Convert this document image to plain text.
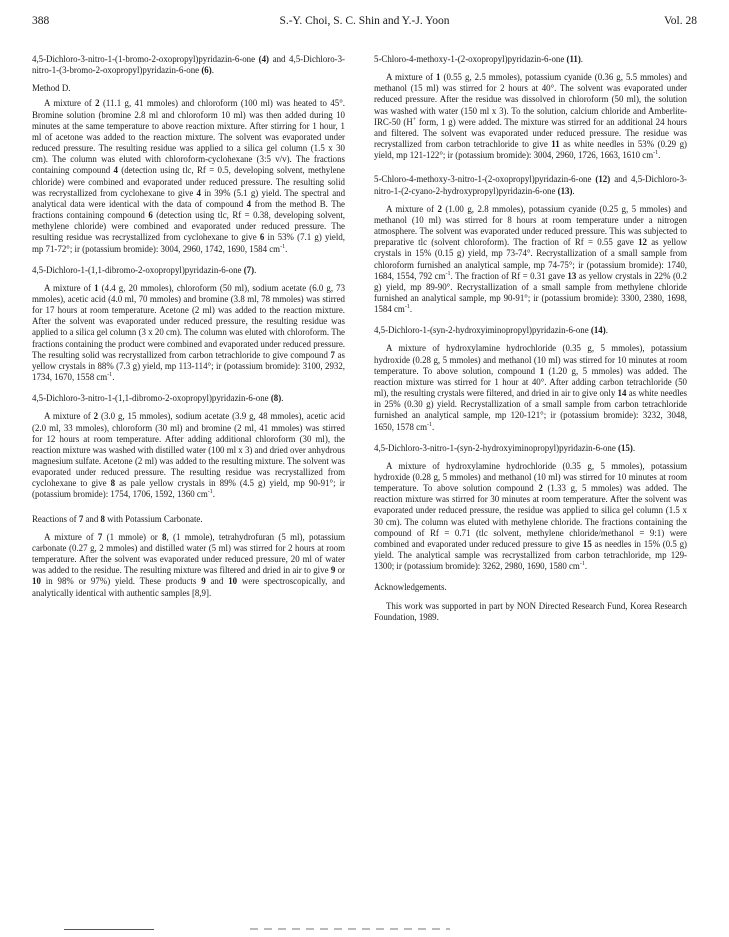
388	S.-Y. Choi, S. C. Shin and Y.-J. Yoon	Vol. 28

4,5-Dichloro-3-nitro-1-(1-bromo-2-oxopropyl)pyridazin-6-one (4) and 4,5-Dichloro-3-nitro-1-(3-bromo-2-oxopropyl)pyridazin-6-one (6).

Method D.

A mixture of 2 (11.1 g, 41 mmoles) and chloroform (100 ml) was heated to 45°. Bromine solution (bromine 2.8 ml and chloroform 10 ml) was then added during 10 minutes at the same temperature to above reaction mixture. After stirring for 1 hour, 1 ml of acetone was added to the reaction mixture. The solvent was evaporated under reduced pressure. The resulting residue was applied to a silica gel column (1.5 x 30 cm). The column was eluted with chloroform-cyclohexane (3:5 v/v). The fractions containing compound 4 (detection using tlc, Rf = 0.5, developing solvent, methylene chloride) were combined and evaporated under reduced pressure. The resulting solid was recrystallized from cyclohexane to give 4 in 39% (5.1 g) yield. The spectral and analytical data were identical with the data of compound 4 from the method B. The fractions containing compound 6 (detection using tlc, Rf = 0.38, developing solvent, methylene chloride) were combined and evaporated under reduced pressure. The resulting residue was recrystallized from cyclohexane to give 6 in 53% (7.1 g) yield, mp 71-72°; ir (potassium bromide): 3004, 2960, 1742, 1690, 1584 $cm^{-1}$.

4,5-Dichloro-1-(1,1-dibromo-2-oxopropyl)pyridazin-6-one (7).

A mixture of 1 (4.4 g, 20 mmoles), chloroform (50 ml), sodium acetate (6.0 g, 73 mmoles), acetic acid (4.0 ml, 70 mmoles) and bromine (3.8 ml, 78 mmoles) was stirred for 17 hours at room temperature. Acetone (2 ml) was added to the reaction mixture. After the solvent was evaporated under reduced pressure, the resulting residue was applied to a silica gel column (3 x 20 cm). The column was eluted with chloroform. The fractions containing the product were combined and evaporated under reduced pressure. The resulting solid was recrystallized from carbon tetrachloride to give compound 7 as yellow crystals in 88% (7.3 g) yield, mp 113-114°; ir (potassium bromide): 3100, 2932, 1734, 1670, 1558 $cm^{-1}$.

4,5-Dichloro-3-nitro-1-(1,1-dibromo-2-oxopropyl)pyridazin-6-one (8).

A mixture of 2 (3.0 g, 15 mmoles), sodium acetate (3.9 g, 48 mmoles), acetic acid (2.0 ml, 33 mmoles), chloroform (30 ml) and bromine (2 ml, 41 mmoles) was stirred for 12 hours at room temperature. After adding additional chloroform (30 ml), the reaction mixture was washed with distilled water (100 ml x 3) and dried over anhydrous magnesium sulfate. Acetone (2 ml) was added to the resulting mixture. The solvent was evaporated under reduced pressure. The resulting residue was recrystallized from cyclohexane to give 8 as pale yellow crystals in 89% (4.5 g) yield, mp 90-91°; ir (potassium bromide): 1754, 1706, 1592, 1360 $cm^{-1}$.

Reactions of 7 and 8 with Potassium Carbonate.

A mixture of 7 (1 mmole) or 8, (1 mmole), tetrahydrofuran (5 ml), potassium carbonate (0.27 g, 2 mmoles) and distilled water (5 ml) was stirred for 2 hours at room temperature. After the solvent was evaporated under reduced pressure, 20 ml of water was added to the residue. The resulting mixture was filtered and dried in air to give 9 or 10 in 98% or 97%) yield. These products 9 and 10 were spectroscopically, and analytically identical with authentic samples [8,9].

5-Chloro-4-methoxy-1-(2-oxopropyl)pyridazin-6-one (11).

A mixture of 1 (0.55 g, 2.5 mmoles), potassium cyanide (0.36 g, 5.5 mmoles) and methanol (15 ml) was stirred for 2 hours at 40°. The solvent was evaporated under reduced pressure. After the residue was dissolved in chloroform (50 ml), the solution was washed with water (150 ml x 3). To the solution, calcium chloride and Amberlite-IRC-50 (H+ form, 1 g) were added. The mixture was stirred for an additional 24 hours and filtered. The solvent was evaporated under reduced pressure. The residue was recrystallized from carbon tetrachloride to give 11 as white needles in 53% (0.29 g) yield, mp 121-122°; ir (potassium bromide): 3004, 2960, 1726, 1663, 1610 $cm^{-1}$.

5-Chloro-4-methoxy-3-nitro-1-(2-oxopropyl)pyridazin-6-one (12) and 4,5-Dichloro-3-nitro-1-(2-cyano-2-hydroxypropyl)pyridazin-6-one (13).

A mixture of 2 (1.00 g, 2.8 mmoles), potassium cyanide (0.25 g, 5 mmoles) and methanol (10 ml) was stirred for 8 hours at room temperature under a nitrogen atmosphere. The solvent was evaporated under reduced pressure. This was subjected to preparative tlc (solvent chloroform). The fraction of Rf = 0.55 gave 12 as yellow crystals in 15% (0.15 g) yield, mp 73-74°. Recrystallization of a small sample from chloroform furnished an analytical sample, mp 74-75°; ir (potassium bromide): 1740, 1684, 1554, 792 $cm^{-1}$. The fraction of Rf = 0.31 gave 13 as yellow crystals in 22% (0.2 g) yield, mp 89-90°. Recrystallization of a small sample from methylene chloride furnished an analytical sample, mp 90-91°; ir (potassium bromide): 3300, 2380, 1698, 1584 $cm^{-1}$.

4,5-Dichloro-1-(syn-2-hydroxyiminopropyl)pyridazin-6-one (14).

A mixture of hydroxylamine hydrochloride (0.35 g, 5 mmoles), potassium hydroxide (0.28 g, 5 mmoles) and methanol (10 ml) was stirred for 10 minutes at room temperature. To above solution, compound 1 (1.20 g, 5 mmoles) was added. The reaction mixture was stirred for 1 hour at 40°. After adding carbon tetrachloride (50 ml), the resulting crystals were filtered, and dried in air to give only 14 as white needles in 25% (0.30 g) yield. Recrystallization of a small sample from carbon tetrachloride furnished an analytical sample, mp 120-121°; ir (potassium bromide): 3232, 3048, 1650, 1578 $cm^{-1}$.

4,5-Dichloro-3-nitro-1-(syn-2-hydroxyiminopropyl)pyridazin-6-one (15).

A mixture of hydroxylamine hydrochloride (0.35 g, 5 mmoles), potassium hydroxide (0.28 g, 5 mmoles) and methanol (10 ml) was stirred for 10 minutes at room temperature. To above solution compound 2 (1.33 g, 5 mmoles) was added. The reaction mixture was stirred for 30 minutes at room temperature. After the solvent was evaporated under reduced pressure, the residue was applied to silica gel column (1.5 x 30 cm). The column was eluted with methylene chloride. The fractions containing the compound of Rf = 0.71 (tlc solvent, methylene chloride/methanol = 9:1) were combined and evaporated under reduced pressure to give 15 as needles in 15% (0.5 g) yield. The analytical sample was recrystallized from carbon tetrachloride, mp 129-1300; ir (potassium bromide): 3262, 2980, 1690, 1580 $cm^{-1}$.

Acknowledgements.

This work was supported in part by NON Directed Research Fund, Korea Research Foundation, 1989.
